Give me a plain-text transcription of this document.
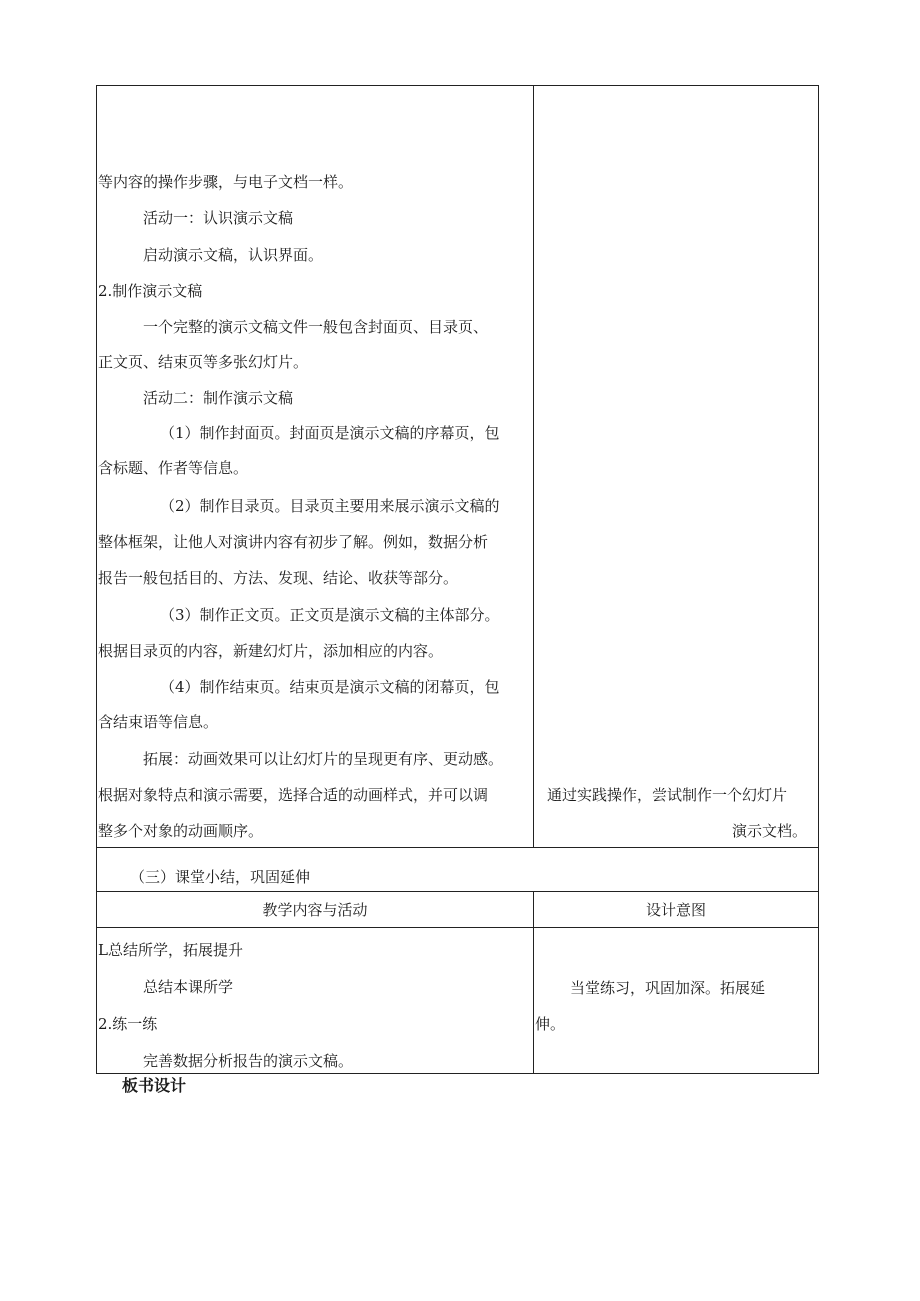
等内容的操作步骤，与电子文档一样。
活动一：认识演示文稿
启动演示文稿，认识界面。
2.制作演示文稿
一个完整的演示文稿文件一般包含封面页、目录页、
正文页、结束页等多张幻灯片。
活动二：制作演示文稿
（1）制作封面页。封面页是演示文稿的序幕页，包
含标题、作者等信息。
（2）制作目录页。目录页主要用来展示演示文稿的
整体框架，让他人对演讲内容有初步了解。例如，数据分析
报告一般包括目的、方法、发现、结论、收获等部分。
（3）制作正文页。正文页是演示文稿的主体部分。
根据目录页的内容，新建幻灯片，添加相应的内容。
（4）制作结束页。结束页是演示文稿的闭幕页，包
含结束语等信息。
拓展：动画效果可以让幻灯片的呈现更有序、更动感。
根据对象特点和演示需要，选择合适的动画样式，并可以调
整多个对象的动画顺序。
通过实践操作，尝试制作一个幻灯片
演示文档。
（三）课堂小结，巩固延伸
教学内容与活动	设计意图
L总结所学，拓展提升
总结本课所学
2.练一练
完善数据分析报告的演示文稿。
当堂练习，巩固加深。拓展延
伸。
板书设计
